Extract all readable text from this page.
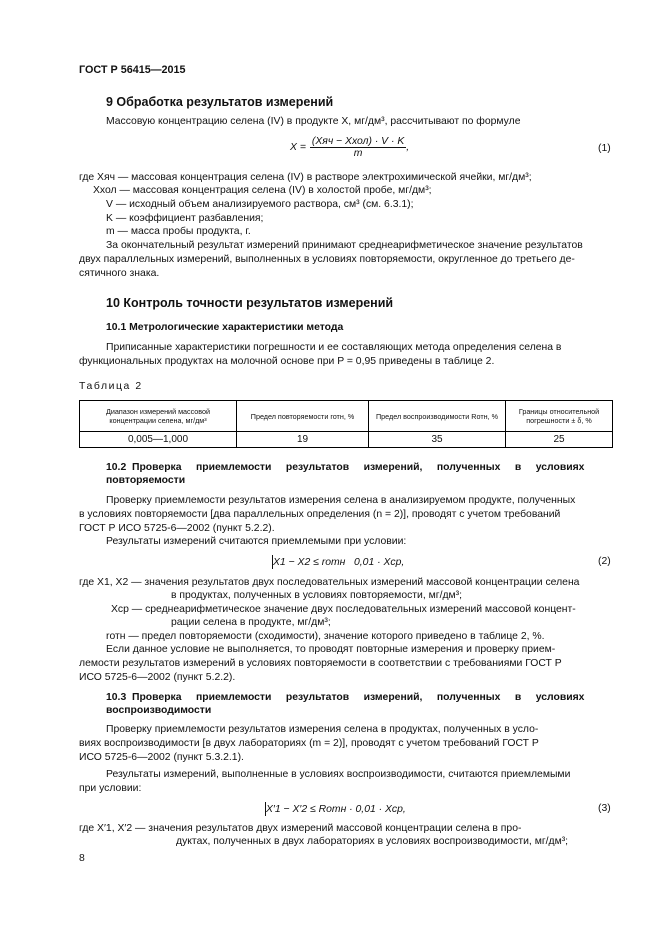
ГОСТ Р 56415—2015
9 Обработка результатов измерений
Массовую концентрацию селена (IV) в продукте X, мг/дм³, рассчитывают по формуле
$X = \frac{\text{(Xяч − Xхол) · V · K}}{m}$ ,	(1)
где Xяч — массовая концентрация селена (IV) в растворе электрохимической ячейки, мг/дм³;
Xхол — массовая концентрация селена (IV) в холостой пробе, мг/дм³;
V — исходный объем анализируемого раствора, см³ (см. 6.3.1);
K — коэффициент разбавления;
m — масса пробы продукта, г.
За окончательный результат измерений принимают среднеарифметическое значение результатов
двух параллельных измерений, выполненных в условиях повторяемости, округленное до третьего де-
сятичного знака.
10 Контроль точности результатов измерений
10.1 Метрологические характеристики метода
Приписанные характеристики погрешности и ее составляющих метода определения селена в
функциональных продуктах на молочной основе при P = 0,95 приведены в таблице 2.
Таблица 2
Диапазон измерений массовой концентрации селена, мг/дм³	Предел повторяемости rотн, %	Предел воспроизводимости Rотн, %	Границы относительной погрешности ± δ, %
0,005—1,000	19	35	25
10.2  Проверка     приемлемости     результатов     измерений,     полученных     в     условиях
повторяемости
Проверку приемлемости результатов измерения селена в анализируемом продукте, полученных
в условиях повторяемости [два параллельных определения (n = 2)], проводят с учетом требований
ГОСТ Р ИСО 5725-6—2002 (пункт 5.2.2).
Результаты измерений считаются приемлемыми при условии:
X1 − X2 ≤ rотн   0,01 · Xср,	(2)
где X1, X2 — значения результатов двух последовательных измерений массовой концентрации селена
в продуктах, полученных в условиях повторяемости, мг/дм³;
Xср — среднеарифметическое значение двух последовательных измерений массовой концент-
рации селена в продукте, мг/дм³;
rотн — предел повторяемости (сходимости), значение которого приведено в таблице 2, %.
Если данное условие не выполняется, то проводят повторные измерения и проверку прием-
лемости результатов измерений в условиях повторяемости в соответствии с требованиями ГОСТ Р
ИСО 5725-6—2002 (пункт 5.2.2).
10.3  Проверка     приемлемости     результатов     измерений,     полученных     в     условиях
воспроизводимости
Проверку приемлемости результатов измерения селена в продуктах, полученных в усло-
виях воспроизводимости [в двух лабораториях (m = 2)], проводят с учетом требований ГОСТ Р
ИСО 5725-6—2002 (пункт 5.3.2.1).
Результаты измерений, выполненные в условиях воспроизводимости, считаются приемлемыми
при условии:
X′1 − X′2 ≤ Rотн · 0,01 · Xср,	(3)
где X′1, X′2 — значения результатов двух измерений массовой концентрации селена в про-
дуктах, полученных в двух лабораториях в условиях воспроизводимости, мг/дм³;
8
